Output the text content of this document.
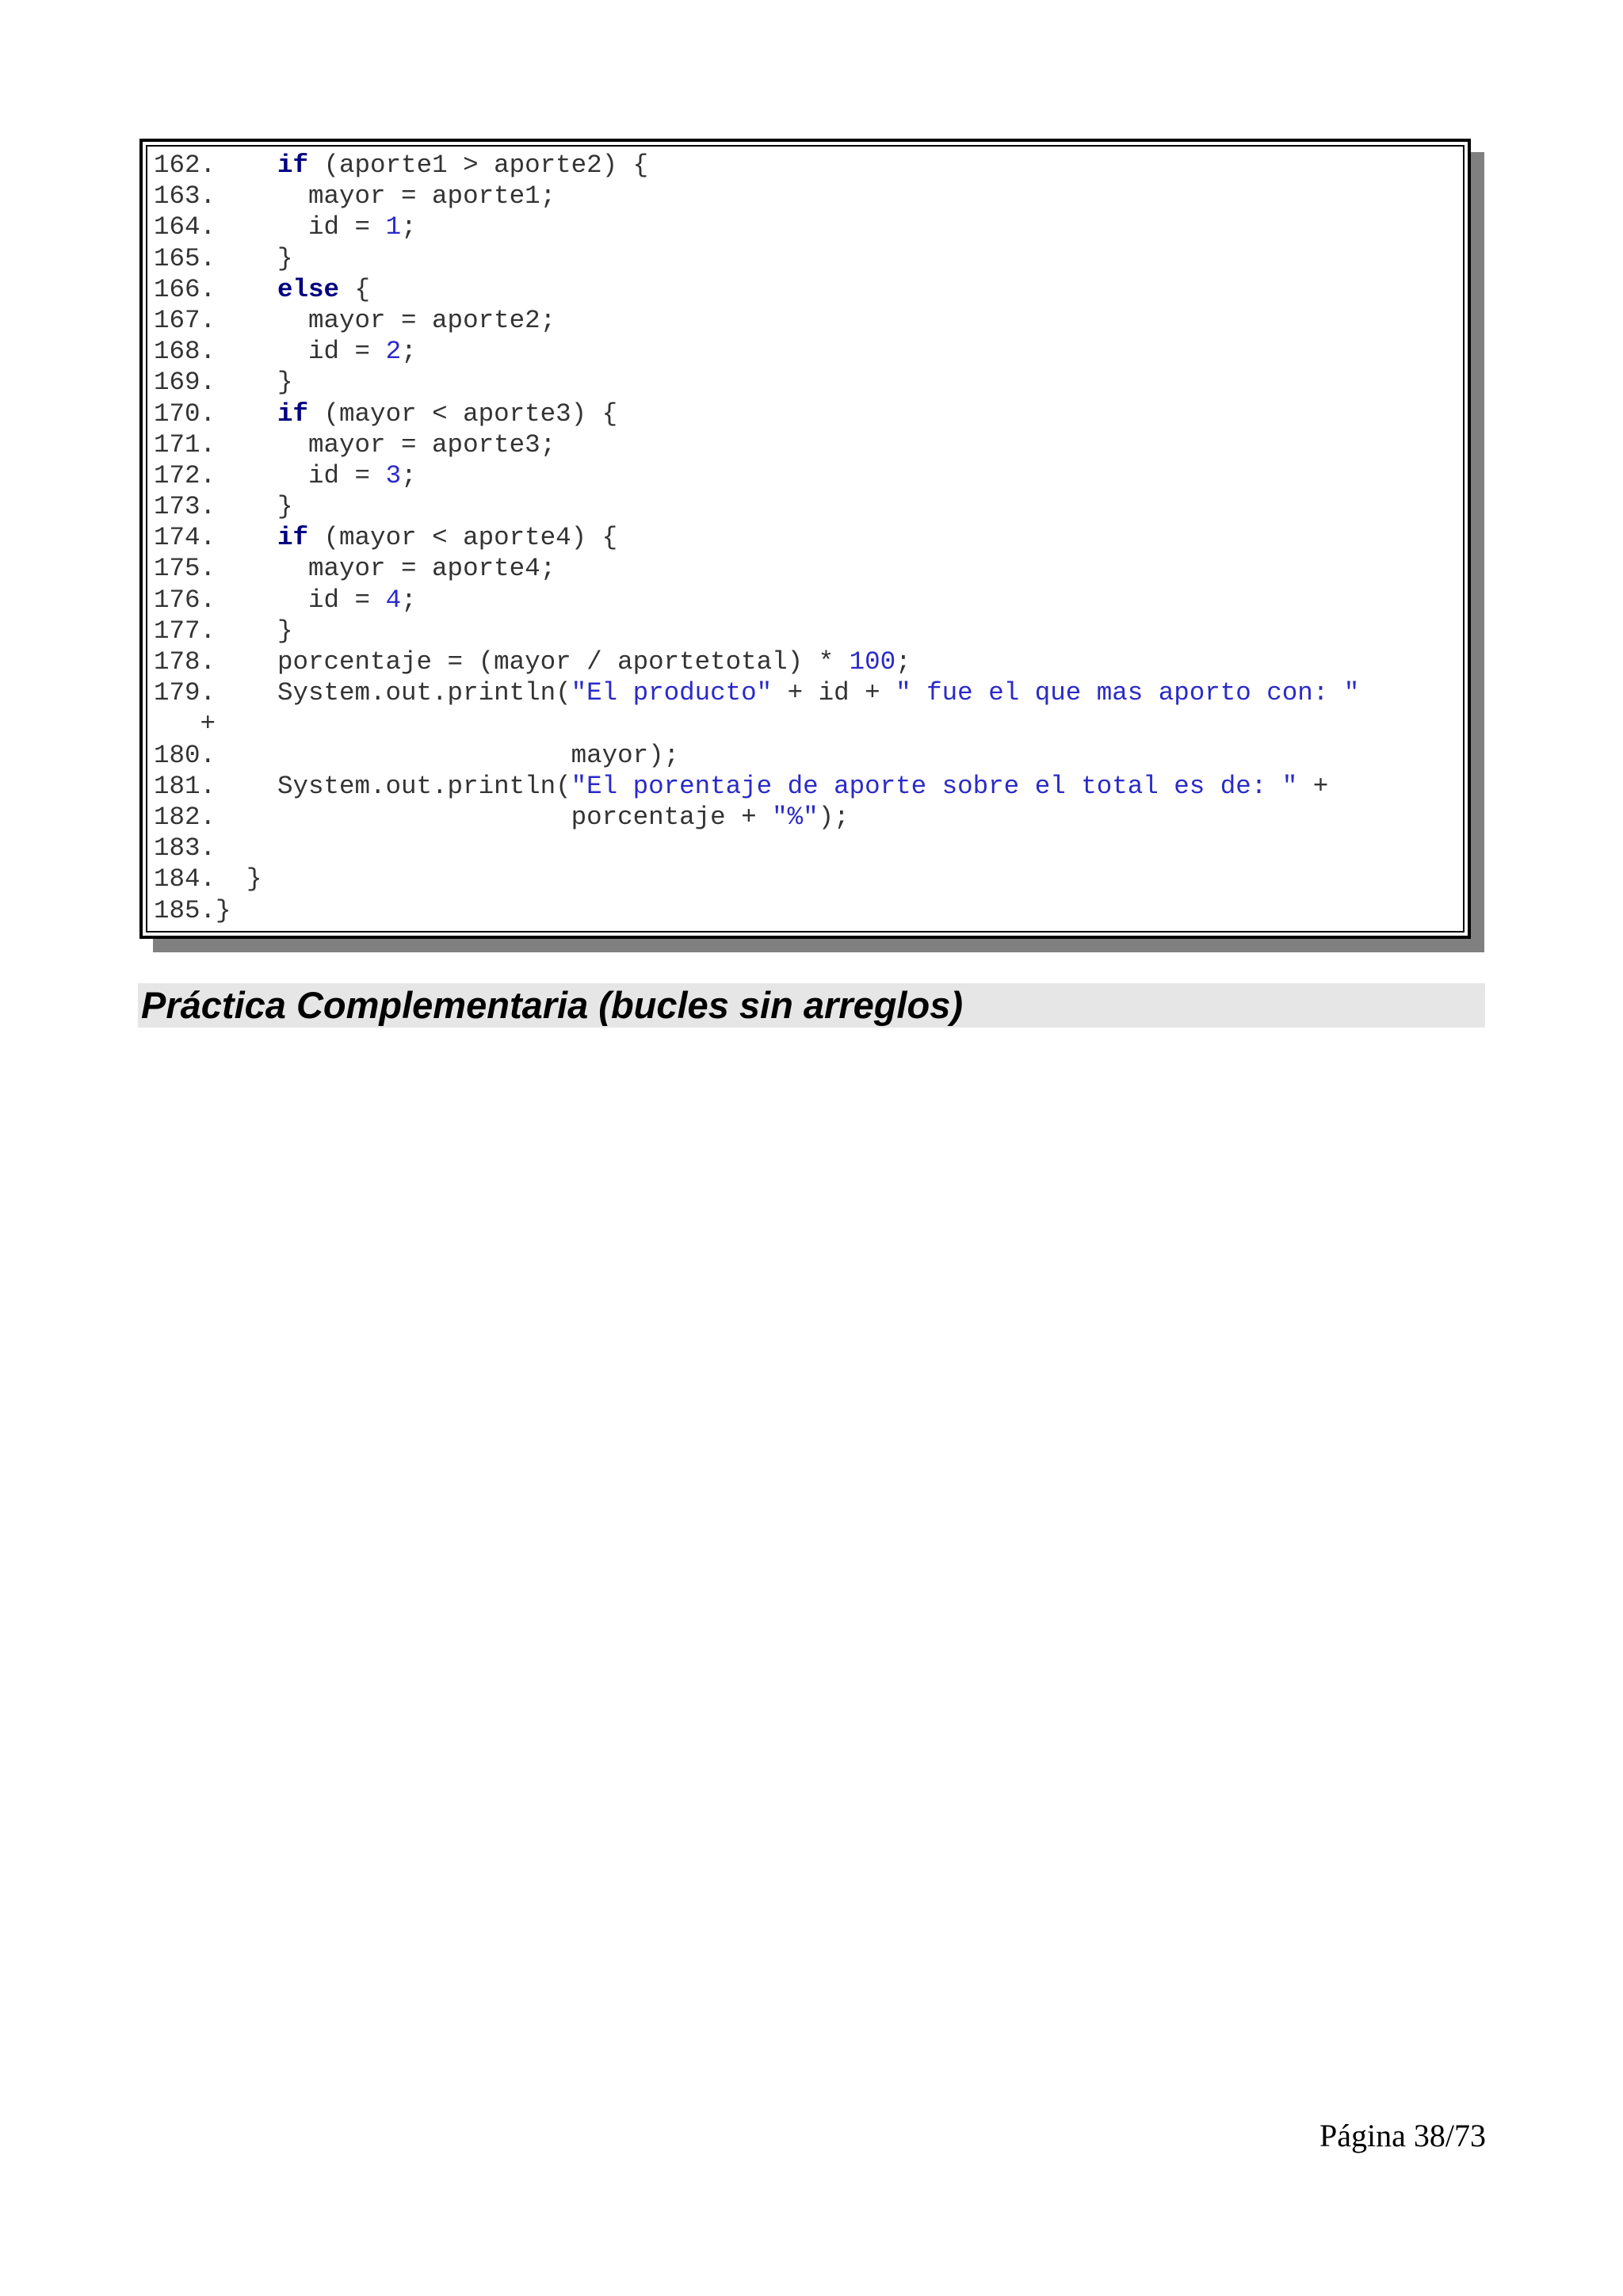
162.    if (aporte1 > aporte2) {
163.      mayor = aporte1;
164.      id = 1;
165.    }
166.    else {
167.      mayor = aporte2;
168.      id = 2;
169.    }
170.    if (mayor < aporte3) {
171.      mayor = aporte3;
172.      id = 3;
173.    }
174.    if (mayor < aporte4) {
175.      mayor = aporte4;
176.      id = 4;
177.    }
178.    porcentaje = (mayor / aportetotal) * 100;
179.    System.out.println("El producto" + id + " fue el que mas aporto con: "
+
180.                       mayor);
181.    System.out.println("El porentaje de aporte sobre el total es de: " +
182.                       porcentaje + "%");
183.
184.  }
185.}
Práctica Complementaria (bucles sin arreglos)
Página 38/73
